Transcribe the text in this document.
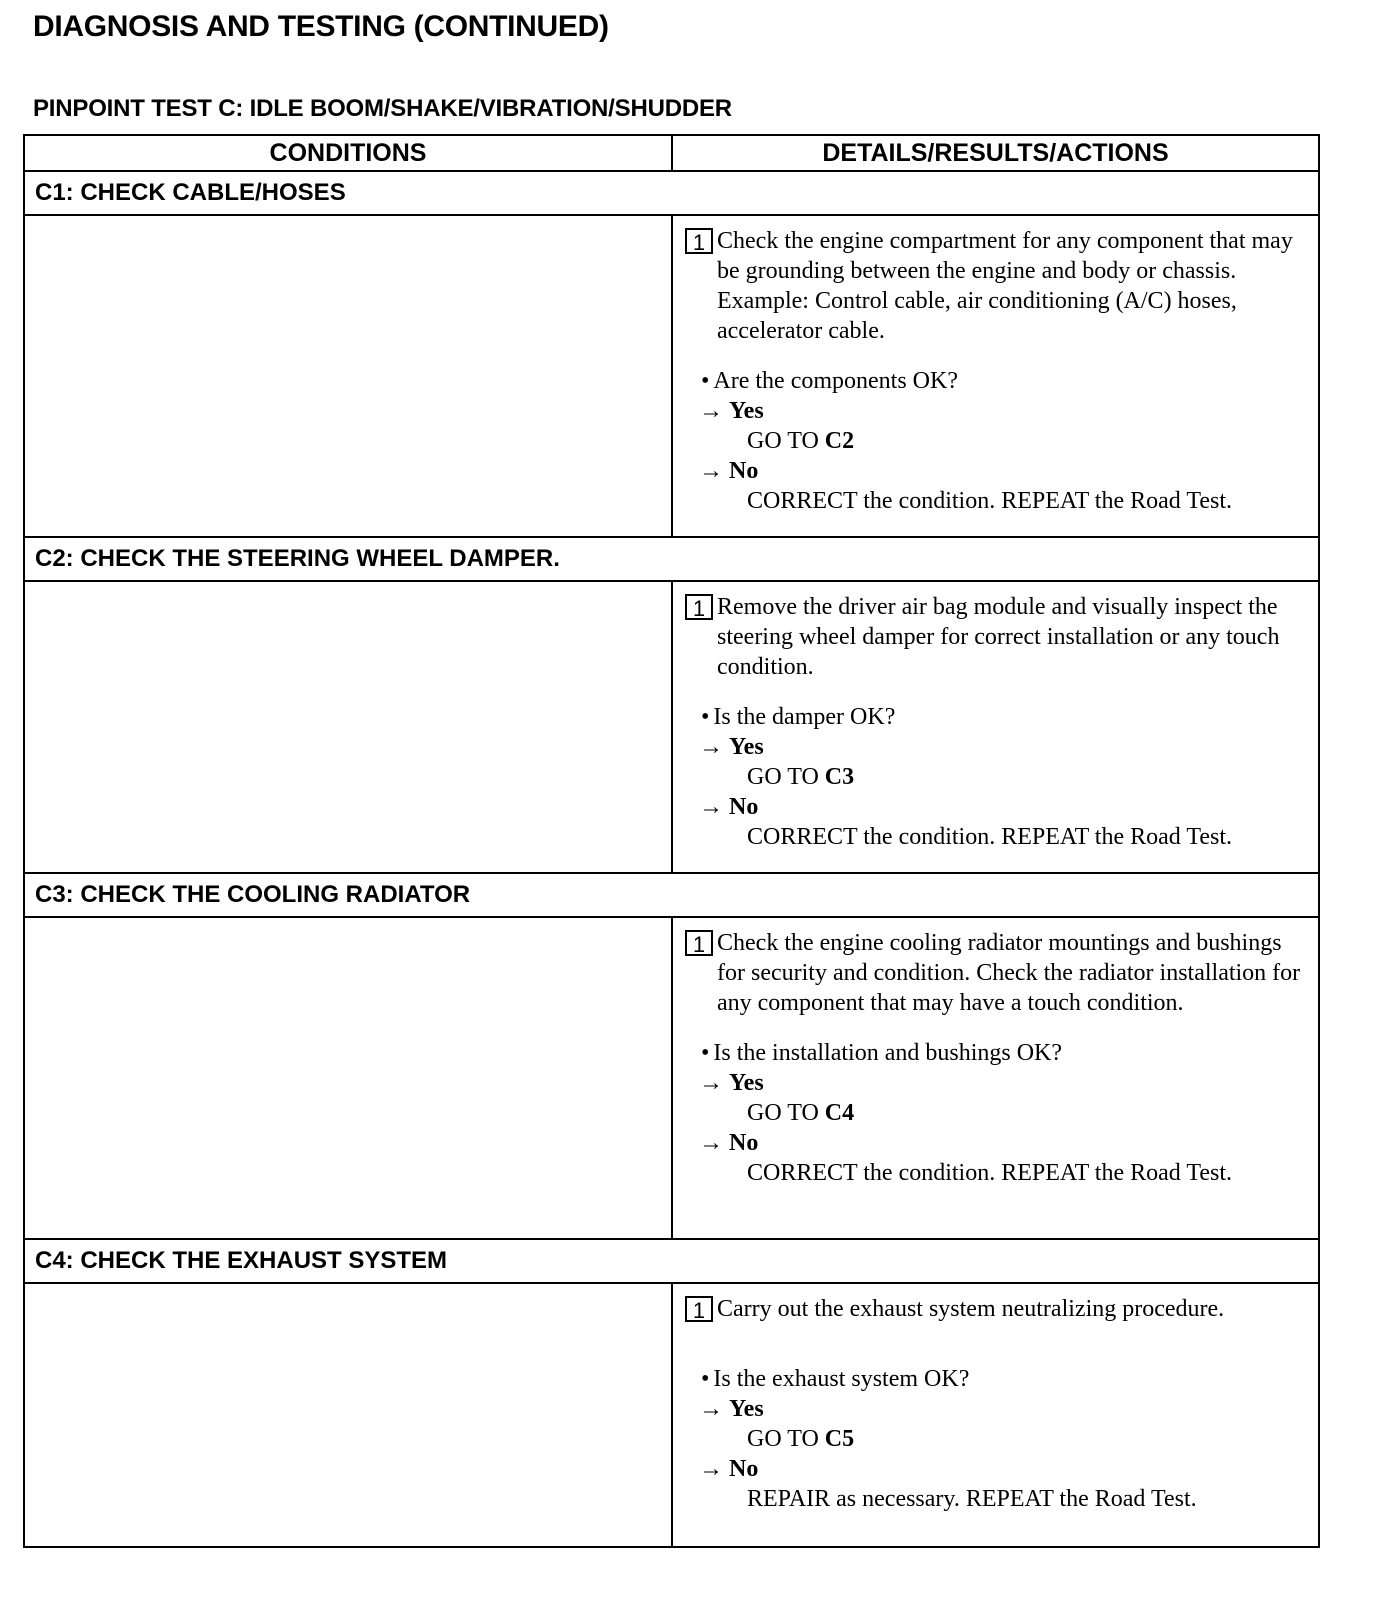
DIAGNOSIS AND TESTING (CONTINUED)
PINPOINT TEST C: IDLE BOOM/SHAKE/VIBRATION/SHUDDER
CONDITIONS	DETAILS/RESULTS/ACTIONS
C1: CHECK CABLE/HOSES
1 Check the engine compartment for any component that may be grounding between the engine and body or chassis. Example: Control cable, air conditioning (A/C) hoses, accelerator cable.
• Are the components OK?
→ Yes
GO TO C2
→ No
CORRECT the condition. REPEAT the Road Test.
C2: CHECK THE STEERING WHEEL DAMPER.
1 Remove the driver air bag module and visually inspect the steering wheel damper for correct installation or any touch condition.
• Is the damper OK?
→ Yes
GO TO C3
→ No
CORRECT the condition. REPEAT the Road Test.
C3: CHECK THE COOLING RADIATOR
1 Check the engine cooling radiator mountings and bushings for security and condition. Check the radiator installation for any component that may have a touch condition.
• Is the installation and bushings OK?
→ Yes
GO TO C4
→ No
CORRECT the condition. REPEAT the Road Test.
C4: CHECK THE EXHAUST SYSTEM
1 Carry out the exhaust system neutralizing procedure.
• Is the exhaust system OK?
→ Yes
GO TO C5
→ No
REPAIR as necessary. REPEAT the Road Test.
